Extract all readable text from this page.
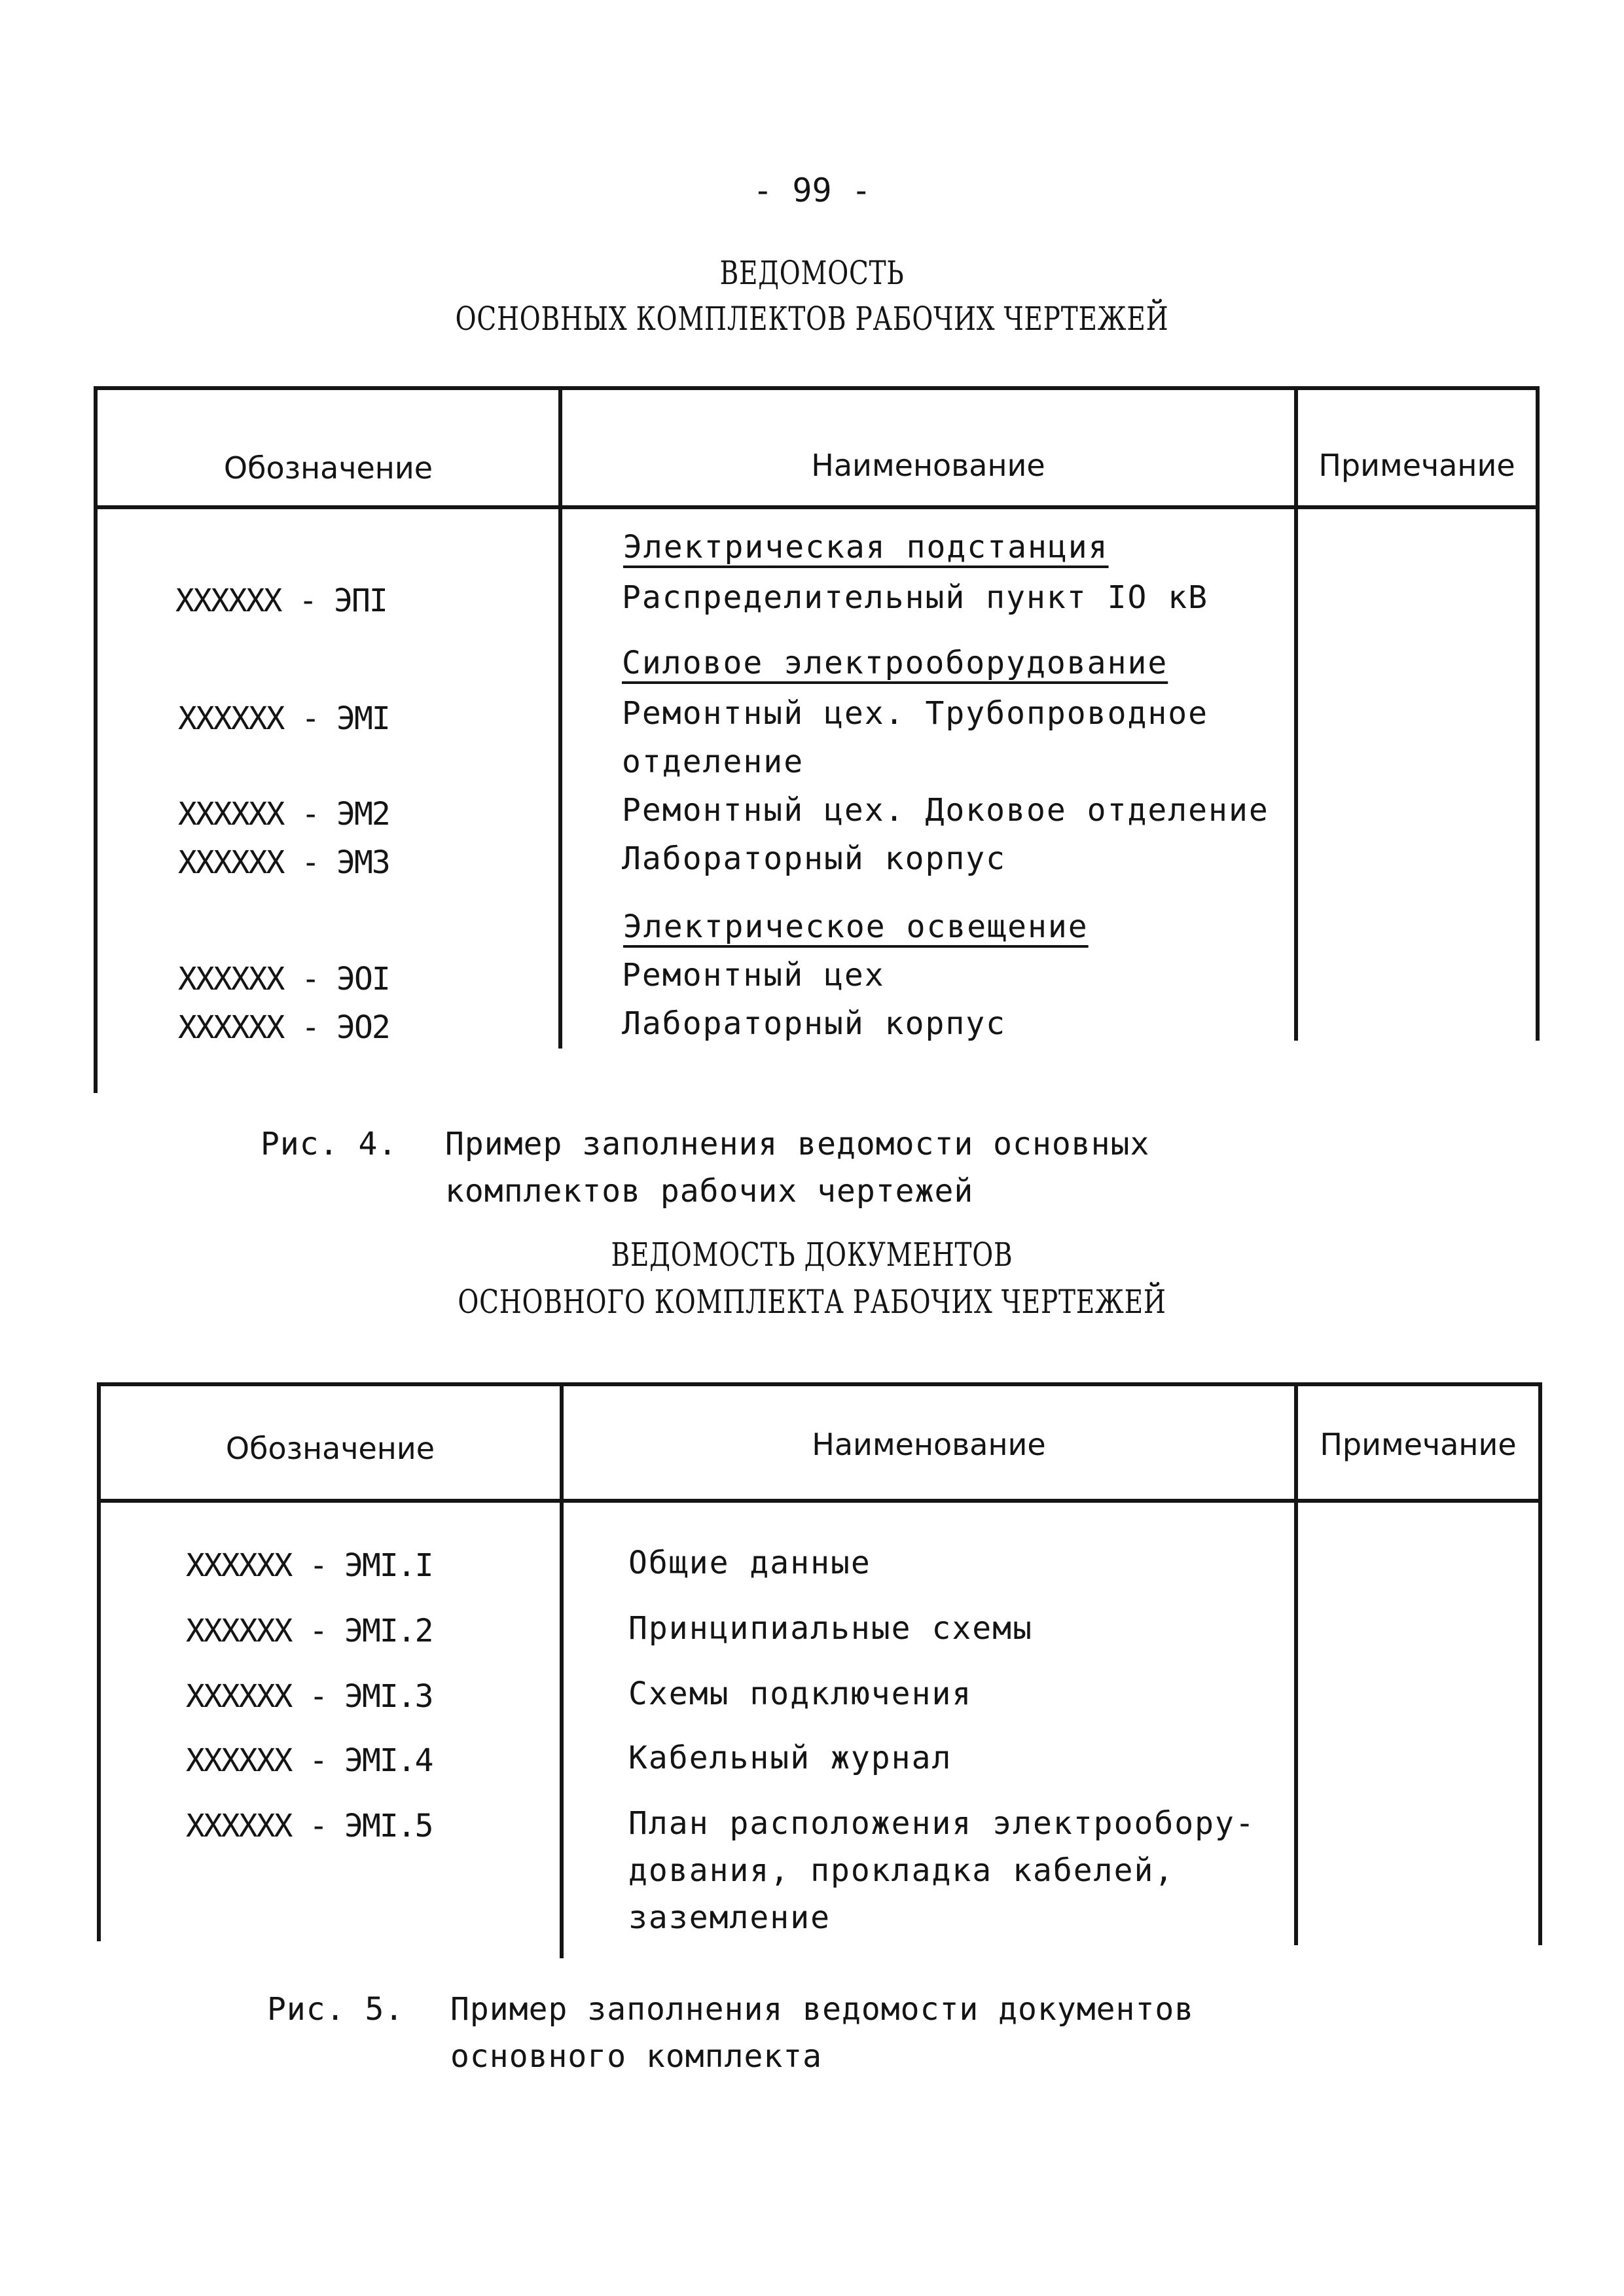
- 99 -
ВЕДОМОСТЬ
ОСНОВНЫХ КОМПЛЕКТОВ РАБОЧИХ ЧЕРТЕЖЕЙ
Обозначение	Наименование	Примечание
Электрическая подстанция
XXXXXX - ЭПI	Распределительный пункт IO кВ
Силовое электрооборудование
XXXXXX - ЭМI	Ремонтный цех. Трубопроводное
отделение
XXXXXX - ЭМ2	Ремонтный цех. Доковое отделение
XXXXXX - ЭМ3	Лабораторный корпус
Электрическое освещение
XXXXXX - ЭОI	Ремонтный цех
XXXXXX - ЭО2	Лабораторный корпус
Рис. 4. Пример заполнения ведомости основных
комплектов рабочих чертежей
ВЕДОМОСТЬ ДОКУМЕНТОВ
ОСНОВНОГО КОМПЛЕКТА РАБОЧИХ ЧЕРТЕЖЕЙ
Обозначение	Наименование	Примечание
XXXXXX - ЭМI.I	Общие данные
XXXXXX - ЭМI.2	Принципиальные схемы
XXXXXX - ЭМI.3	Схемы подключения
XXXXXX - ЭМI.4	Кабельный журнал
XXXXXX - ЭМI.5	План расположения электрообору-
дования, прокладка кабелей,
заземление
Рис. 5. Пример заполнения ведомости документов
основного комплекта
